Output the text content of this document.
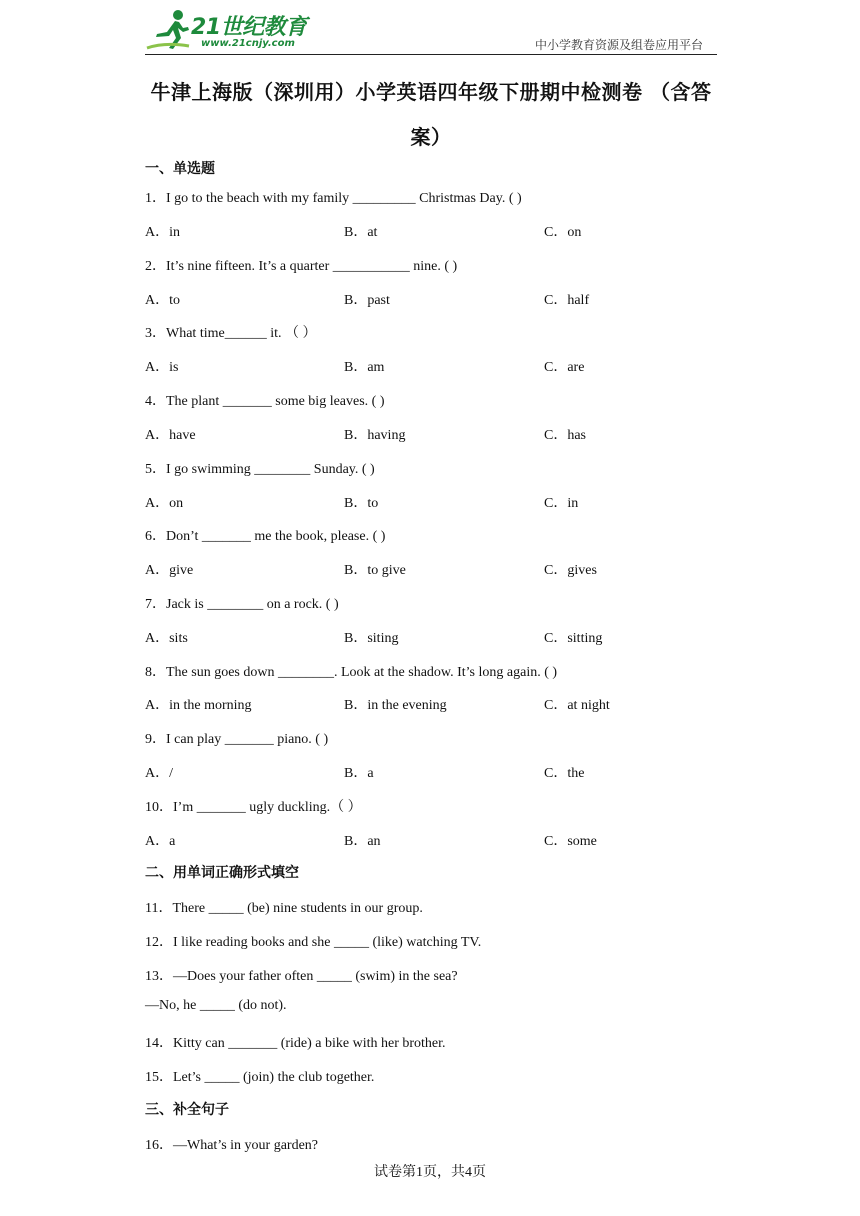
21世纪教育
www.21cnjy.com	中小学教育资源及组卷应用平台
牛津上海版（深圳用）小学英语四年级下册期中检测卷 （含答案）
一、单选题
1．I go to the beach with my family _________ Christmas Day. ( )
A．in	B．at	C．on
2．It’s nine fifteen. It’s a quarter ___________ nine. ( )
A．to	B．past	C．half
3．What time______ it. （ ）
A．is	B．am	C．are
4．The plant _______ some big leaves. ( )
A．have	B．having	C．has
5．I go swimming ________ Sunday. ( )
A．on	B．to	C．in
6．Don’t _______ me the book, please. ( )
A．give	B．to give	C．gives
7．Jack is ________ on a rock. ( )
A．sits	B．siting	C．sitting
8．The sun goes down ________. Look at the shadow. It’s long again. ( )
A．in the morning	B．in the evening	C．at night
9．I can play _______ piano. ( )
A．/	B．a	C．the
10．I’m _______ ugly duckling.（ ）
A．a	B．an	C．some
二、用单词正确形式填空
11．There _____ (be) nine students in our group.
12．I like reading books and she _____ (like) watching TV.
13．—Does your father often _____ (swim) in the sea?
—No, he _____ (do not).
14．Kitty can _______ (ride) a bike with her brother.
15．Let’s _____ (join) the club together.
三、补全句子
16．—What’s in your garden?
试卷第1页，共4页
